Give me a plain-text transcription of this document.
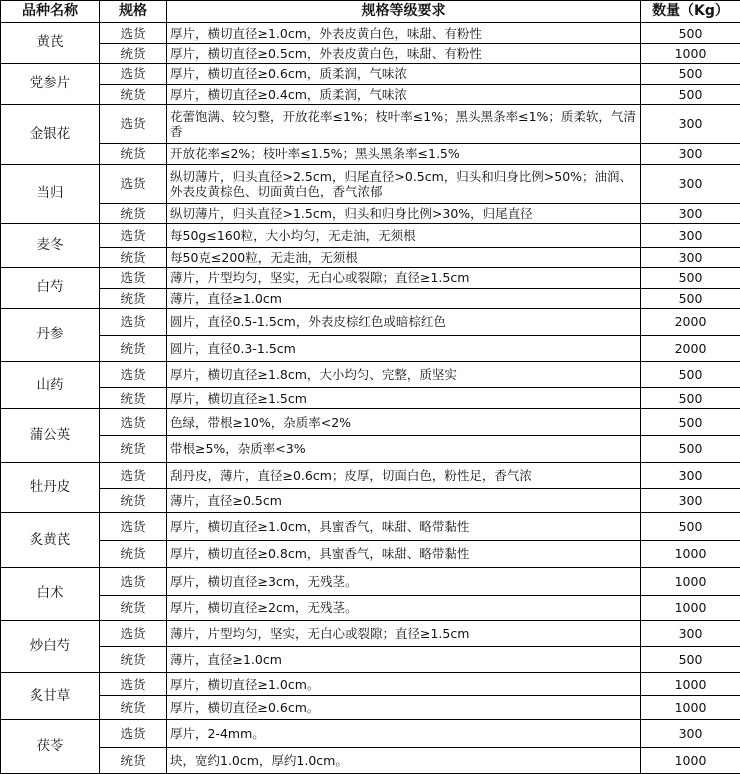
品种名称	规格	规格等级要求	数量（Kg）
黄芪	选货	厚片，横切直径≥1.0cm，外表皮黄白色，味甜、有粉性	500
	统货	厚片，横切直径≥0.5cm，外表皮黄白色，味甜、有粉性	1000
党参片	选货	厚片，横切直径≥0.6cm，质柔润，气味浓	500
	统货	厚片，横切直径≥0.4cm，质柔润，气味浓	500
金银花	选货	花蕾饱满、较匀整，开放花率≤1%；枝叶率≤1%；黑头黑条率≤1%；质柔软，气清香	300
	统货	开放花率≤2%；枝叶率≤1.5%；黑头黑条率≤1.5%	300
当归	选货	纵切薄片，归头直径>2.5cm，归尾直径>0.5cm，归头和归身比例>50%；油润、外表皮黄棕色、切面黄白色，香气浓郁	300
	统货	纵切薄片，归头直径>1.5cm，归头和归身比例>30%，归尾直径	300
麦冬	选货	每50g≤160粒，大小均匀，无走油，无须根	300
	统货	每50克≤200粒，无走油，无须根	300
白芍	选货	薄片，片型均匀，坚实，无白心或裂隙；直径≥1.5cm	500
	统货	薄片，直径≥1.0cm	500
丹参	选货	圆片，直径0.5-1.5cm，外表皮棕红色或暗棕红色	2000
	统货	圆片，直径0.3-1.5cm	2000
山药	选货	厚片，横切直径≥1.8cm，大小均匀、完整，质坚实	500
	统货	厚片，横切直径≥1.5cm	500
蒲公英	选货	色绿，带根≥10%，杂质率<2%	500
	统货	带根≥5%，杂质率<3%	500
牡丹皮	选货	刮丹皮，薄片，直径≥0.6cm；皮厚，切面白色，粉性足，香气浓	300
	统货	薄片，直径≥0.5cm	300
炙黄芪	选货	厚片，横切直径≥1.0cm，具蜜香气，味甜、略带黏性	500
	统货	厚片，横切直径≥0.8cm，具蜜香气，味甜、略带黏性	1000
白术	选货	厚片，横切直径≥3cm，无残茎。	1000
	统货	厚片，横切直径≥2cm，无残茎。	1000
炒白芍	选货	薄片，片型均匀，坚实，无白心或裂隙；直径≥1.5cm	300
	统货	薄片，直径≥1.0cm	500
炙甘草	选货	厚片，横切直径≥1.0cm。	1000
	统货	厚片，横切直径≥0.6cm。	1000
茯苓	选货	厚片，2-4mm。	300
	统货	块，宽约1.0cm，厚约1.0cm。	1000
